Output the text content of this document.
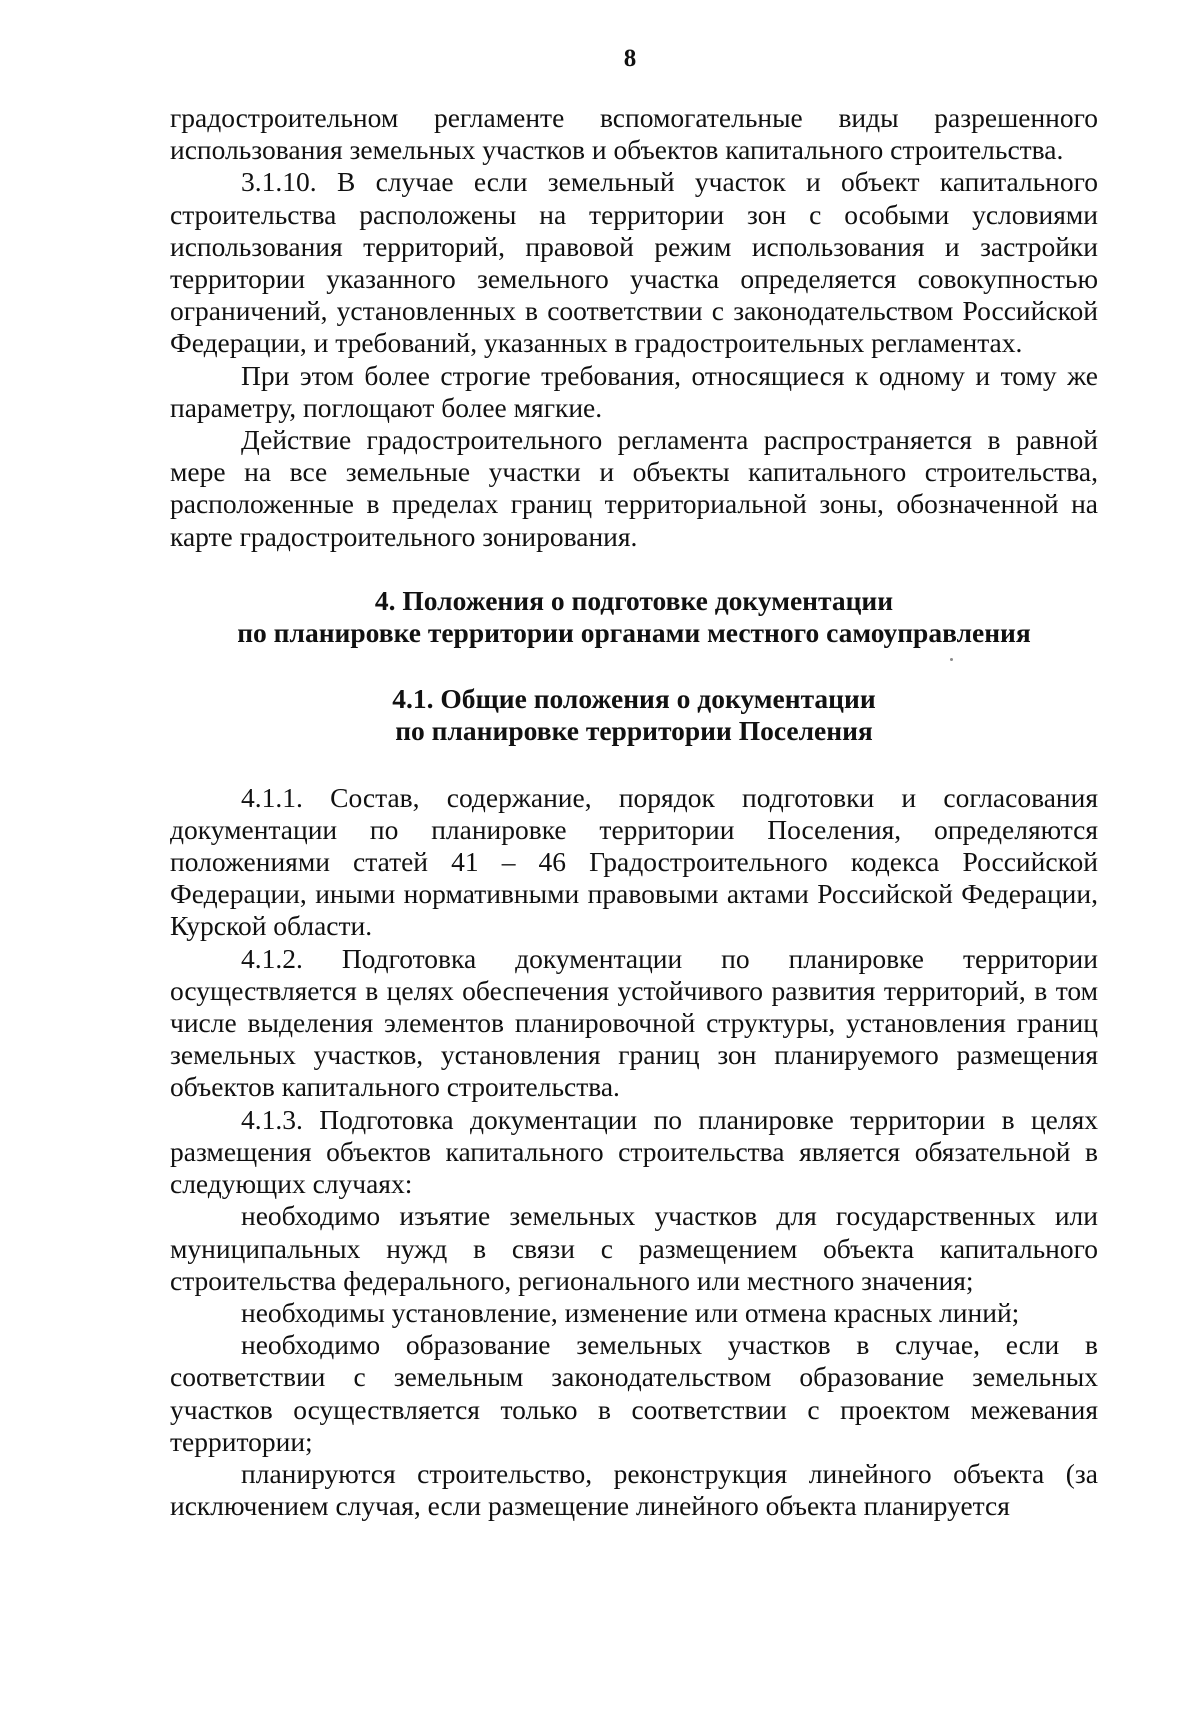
8

градостроительном регламенте вспомогательные виды разрешенного использования земельных участков и объектов капитального строительства.

3.1.10. В случае если земельный участок и объект капитального строительства расположены на территории зон с особыми условиями использования территорий, правовой режим использования и застройки территории указанного земельного участка определяется совокупностью ограничений, установленных в соответствии с законодательством Российской Федерации, и требований, указанных в градостроительных регламентах.

При этом более строгие требования, относящиеся к одному и тому же параметру, поглощают более мягкие.

Действие градостроительного регламента распространяется в равной мере на все земельные участки и объекты капитального строительства, расположенные в пределах границ территориальной зоны, обозначенной на карте градостроительного зонирования.

4. Положения о подготовке документации

по планировке территории органами местного самоуправления

4.1. Общие положения о документации

по планировке территории Поселения

4.1.1. Состав, содержание, порядок подготовки и согласования документации по планировке территории Поселения, определяются положениями статей 41 – 46 Градостроительного кодекса Российской Федерации, иными нормативными правовыми актами Российской Федерации, Курской области.

4.1.2. Подготовка документации по планировке территории осуществляется в целях обеспечения устойчивого развития территорий, в том числе выделения элементов планировочной структуры, установления границ земельных участков, установления границ зон планируемого размещения объектов капитального строительства.

4.1.3. Подготовка документации по планировке территории в целях размещения объектов капитального строительства является обязательной в следующих случаях:

необходимо изъятие земельных участков для государственных или муниципальных нужд в связи с размещением объекта капитального строительства федерального, регионального или местного значения;

необходимы установление, изменение или отмена красных линий;

необходимо образование земельных участков в случае, если в соответствии с земельным законодательством образование земельных участков осуществляется только в соответствии с проектом межевания территории;

планируются строительство, реконструкция линейного объекта (за исключением случая, если размещение линейного объекта планируется
